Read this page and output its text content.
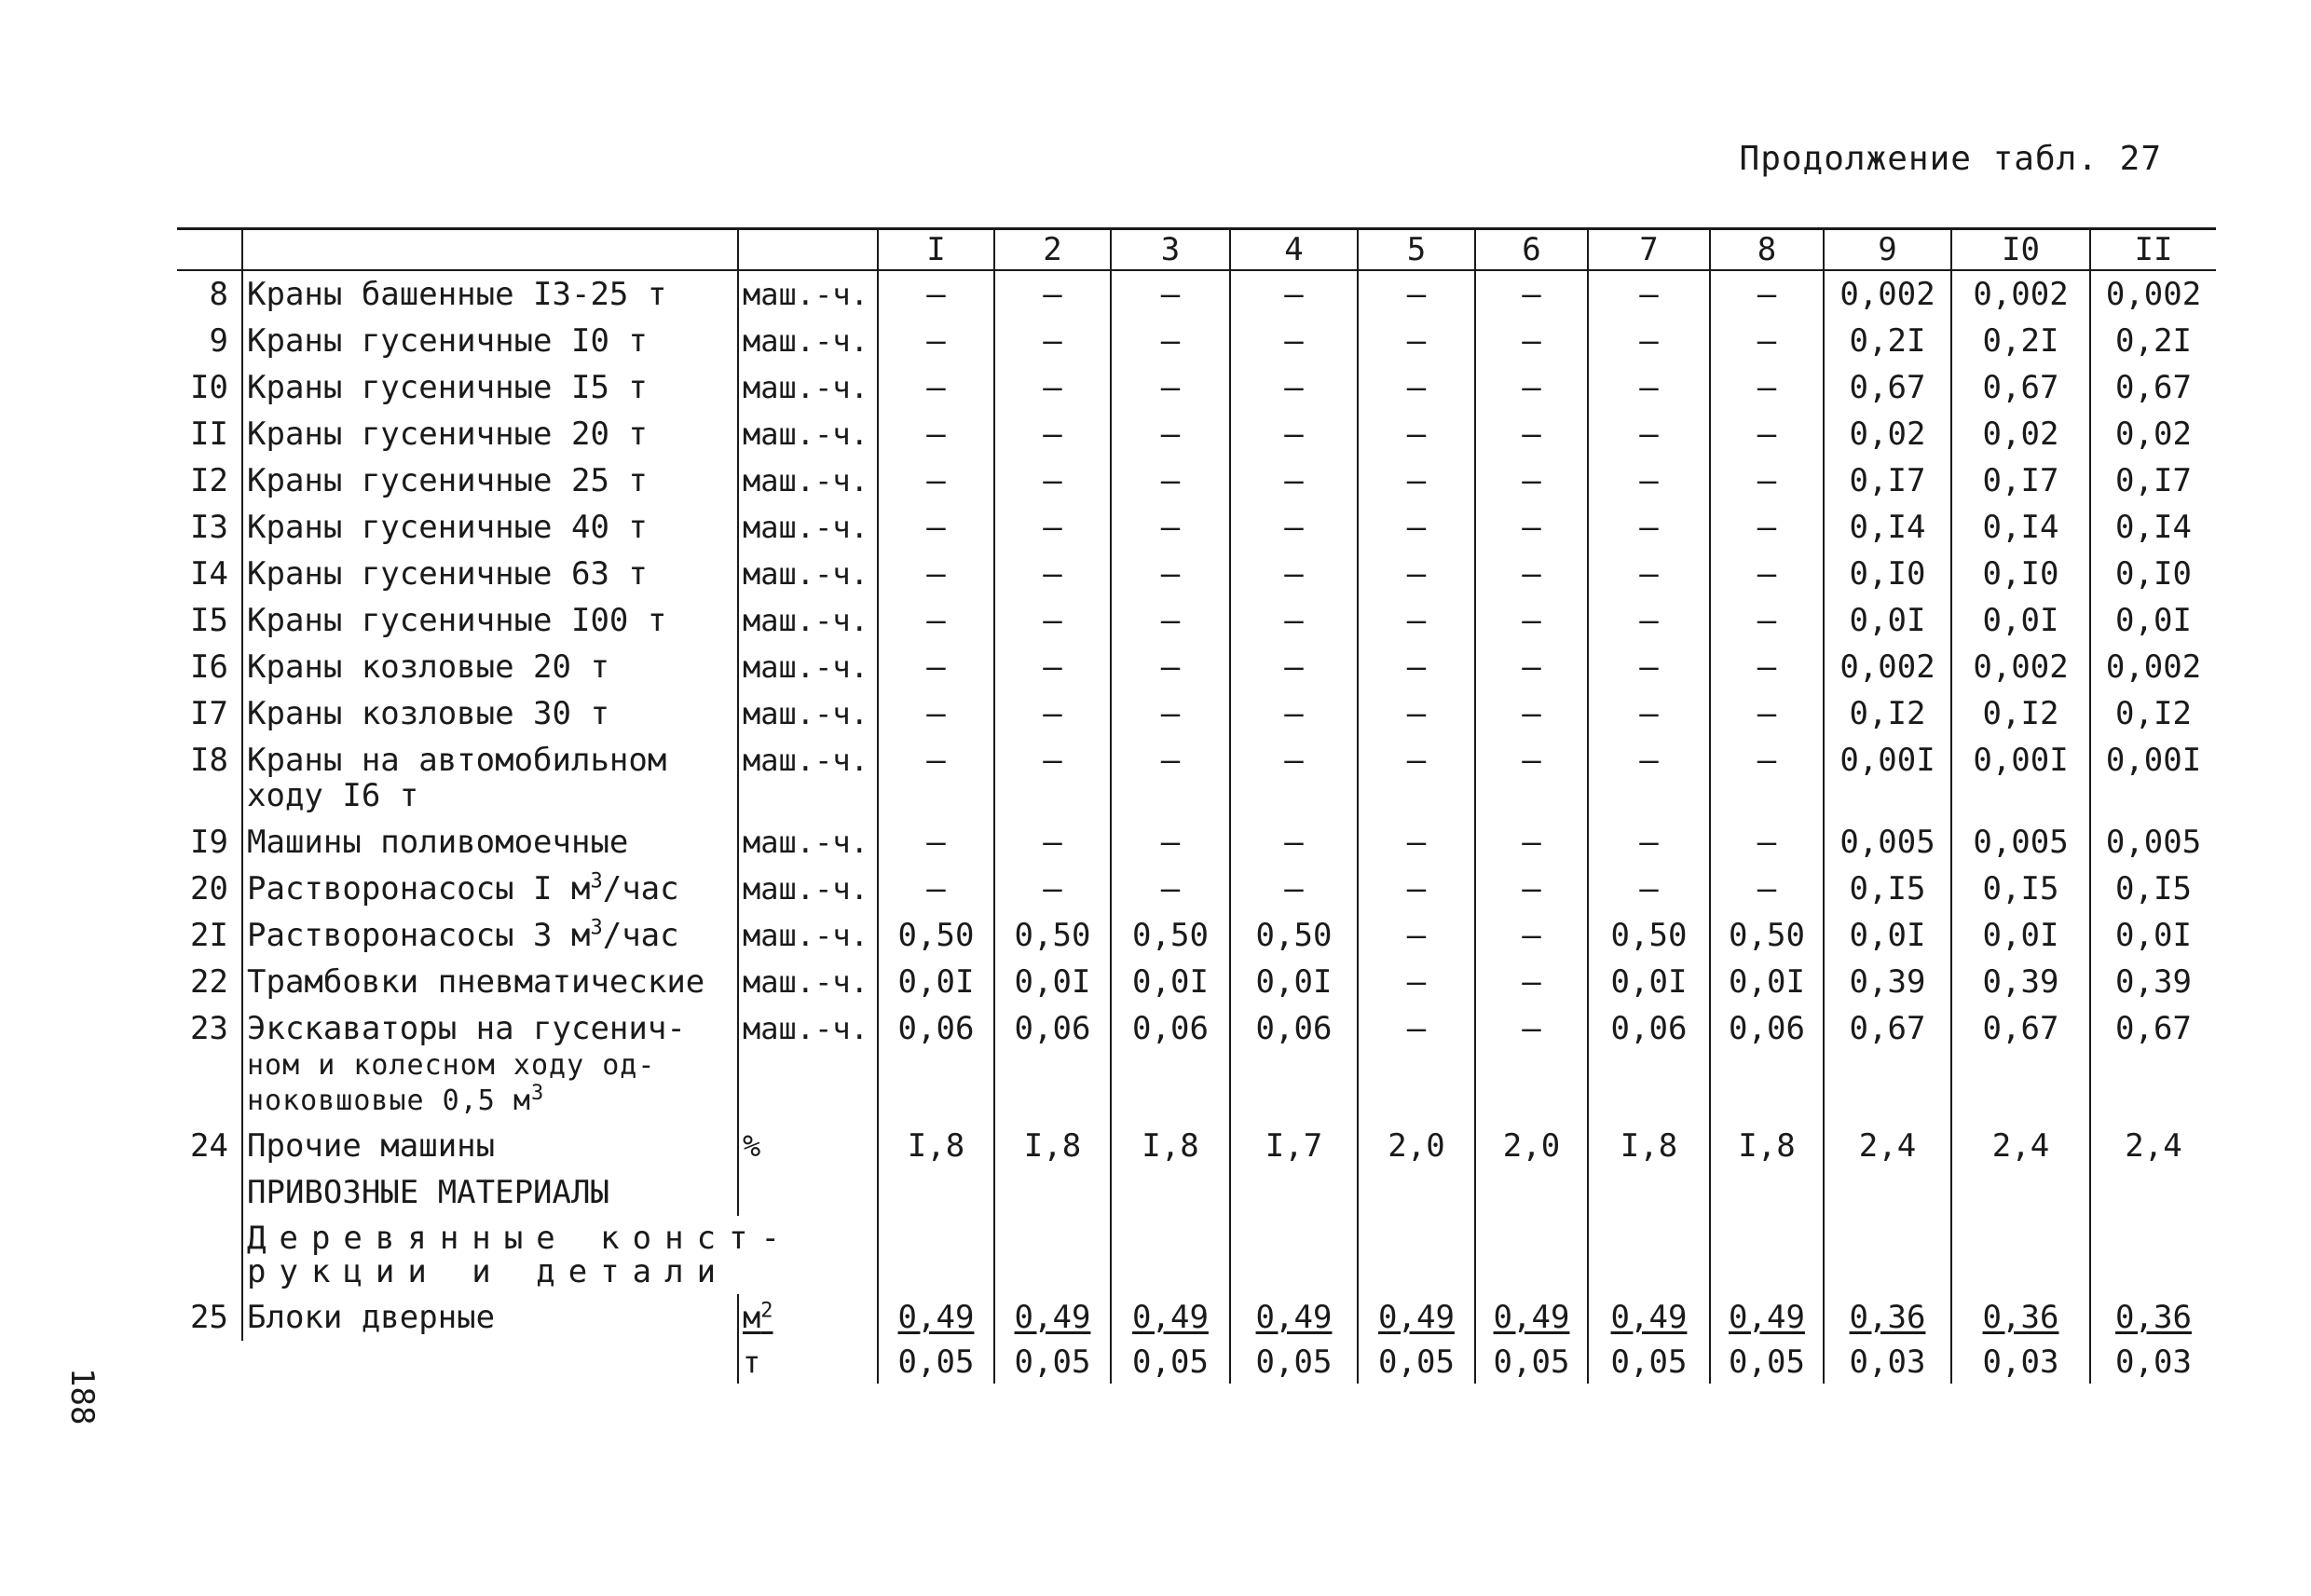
Продолжение табл. 27
188
			I	2	3	4	5	6	7	8	9	I0	II
8	Краны башенные I3-25 т	маш.-ч.	–	–	–	–	–	–	–	–	0,002	0,002	0,002
9	Краны гусеничные I0 т	маш.-ч.	–	–	–	–	–	–	–	–	0,2I	0,2I	0,2I
I0	Краны гусеничные I5 т	маш.-ч.	–	–	–	–	–	–	–	–	0,67	0,67	0,67
II	Краны гусеничные 20 т	маш.-ч.	–	–	–	–	–	–	–	–	0,02	0,02	0,02
I2	Краны гусеничные 25 т	маш.-ч.	–	–	–	–	–	–	–	–	0,I7	0,I7	0,I7
I3	Краны гусеничные 40 т	маш.-ч.	–	–	–	–	–	–	–	–	0,I4	0,I4	0,I4
I4	Краны гусеничные 63 т	маш.-ч.	–	–	–	–	–	–	–	–	0,I0	0,I0	0,I0
I5	Краны гусеничные I00 т	маш.-ч.	–	–	–	–	–	–	–	–	0,0I	0,0I	0,0I
I6	Краны козловые 20 т	маш.-ч.	–	–	–	–	–	–	–	–	0,002	0,002	0,002
I7	Краны козловые 30 т	маш.-ч.	–	–	–	–	–	–	–	–	0,I2	0,I2	0,I2
I8	Краны на автомобильном
ходу I6 т	маш.-ч.	–	–	–	–	–	–	–	–	0,00I	0,00I	0,00I
I9	Машины поливомоечные	маш.-ч.	–	–	–	–	–	–	–	–	0,005	0,005	0,005
20	Растворонасосы I $м^3$/час	маш.-ч.	–	–	–	–	–	–	–	–	0,I5	0,I5	0,I5
2I	Растворонасосы 3 $м^3$/час	маш.-ч.	0,50	0,50	0,50	0,50	–	–	0,50	0,50	0,0I	0,0I	0,0I
22	Трамбовки пневматические	маш.-ч.	0,0I	0,0I	0,0I	0,0I	–	–	0,0I	0,0I	0,39	0,39	0,39
23	Экскаваторы на гусенич-
ном и колесном ходу од-
ноковшовые 0,5 $м^3$	маш.-ч.	0,06	0,06	0,06	0,06	–	–	0,06	0,06	0,67	0,67	0,67
24	Прочие машины	%	I,8	I,8	I,8	I,7	2,0	2,0	I,8	I,8	2,4	2,4	2,4
	ПРИВОЗНЫЕ МАТЕРИАЛЫ												
	Деревянные конст-
рукции и детали												
25	Блоки дверные	$м^2$	0,49	0,49	0,49	0,49	0,49	0,49	0,49	0,49	0,36	0,36	0,36
		т	0,05	0,05	0,05	0,05	0,05	0,05	0,05	0,05	0,03	0,03	0,03
